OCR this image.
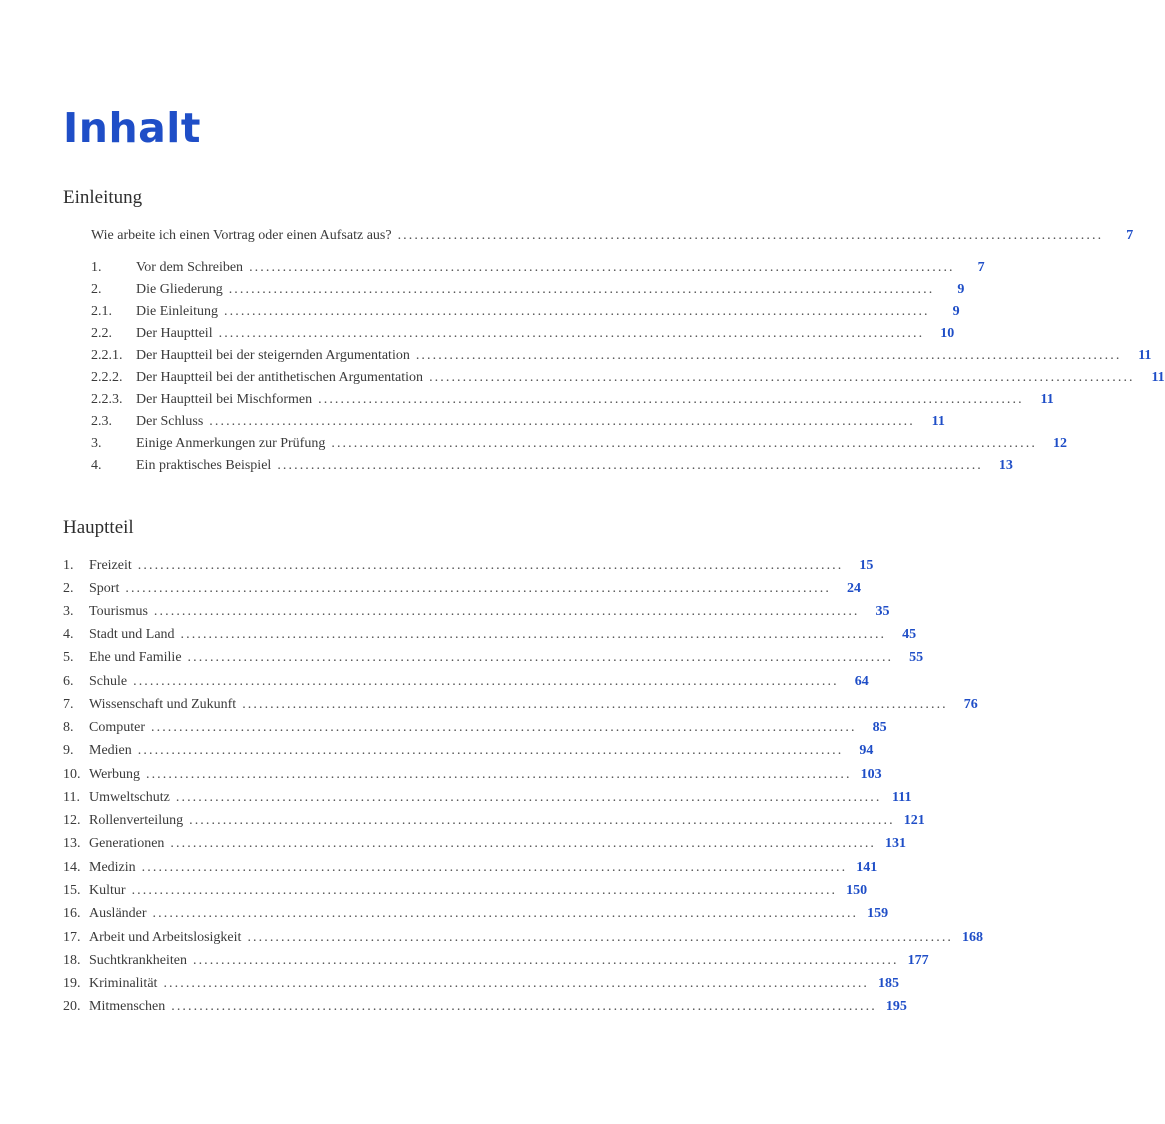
Inhalt
Einleitung
Wie arbeite ich einen Vortrag oder einen Aufsatz aus? ..............................................................................................................................	7
1. Vor dem Schreiben ..............................................................................................................................	7
2. Die Gliederung ..............................................................................................................................	9
2.1. Die Einleitung ..............................................................................................................................	9
2.2. Der Hauptteil ..............................................................................................................................	10
2.2.1. Der Hauptteil bei der steigernden Argumentation ..............................................................................................................................	11
2.2.2. Der Hauptteil bei der antithetischen Argumentation ..............................................................................................................................	11
2.2.3. Der Hauptteil bei Mischformen ..............................................................................................................................	11
2.3. Der Schluss ..............................................................................................................................	11
3. Einige Anmerkungen zur Prüfung ..............................................................................................................................	12
4. Ein praktisches Beispiel ..............................................................................................................................	13
Hauptteil
1. Freizeit ..............................................................................................................................	15
2. Sport ..............................................................................................................................	24
3. Tourismus ..............................................................................................................................	35
4. Stadt und Land ..............................................................................................................................	45
5. Ehe und Familie ..............................................................................................................................	55
6. Schule ..............................................................................................................................	64
7. Wissenschaft und Zukunft ..............................................................................................................................	76
8. Computer ..............................................................................................................................	85
9. Medien ..............................................................................................................................	94
10. Werbung .............................................................................................................................. 103
11. Umweltschutz .............................................................................................................................. 111
12. Rollenverteilung .............................................................................................................................. 121
13. Generationen .............................................................................................................................. 131
14. Medizin .............................................................................................................................. 141
15. Kultur .............................................................................................................................. 150
16. Ausländer .............................................................................................................................. 159
17. Arbeit und Arbeitslosigkeit .............................................................................................................................. 168
18. Suchtkrankheiten .............................................................................................................................. 177
19. Kriminalität .............................................................................................................................. 185
20. Mitmenschen .............................................................................................................................. 195
